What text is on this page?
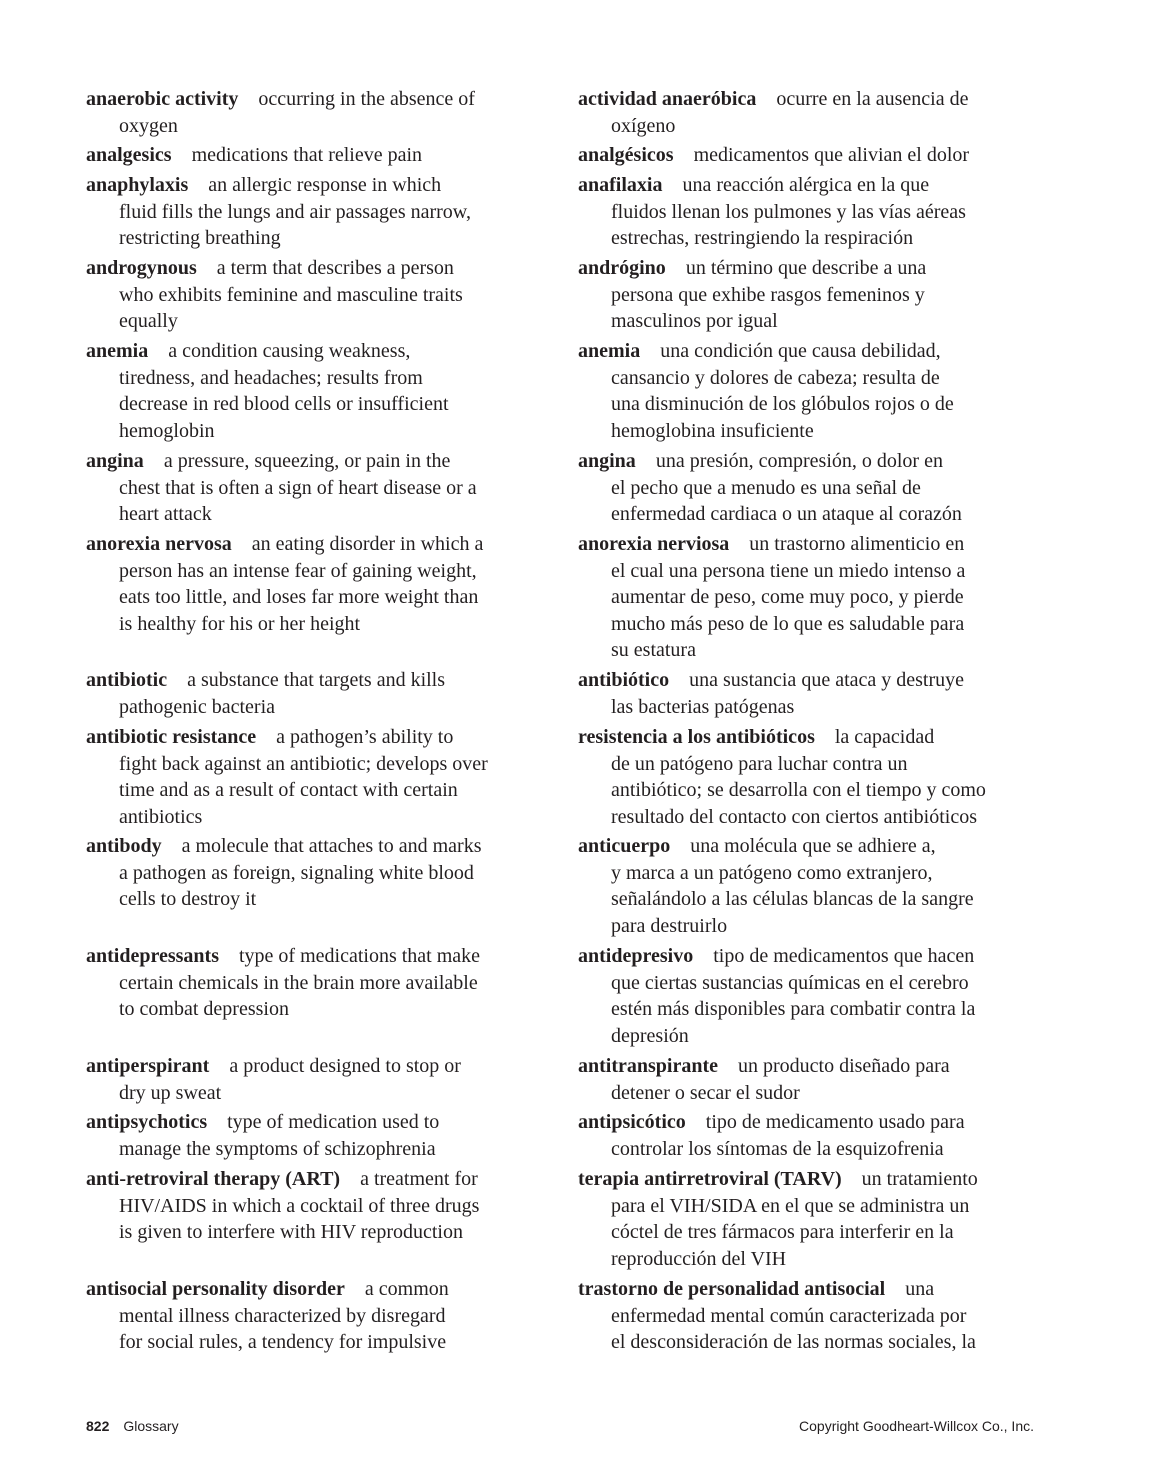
anaerobic activity occurring in the absence of
oxygen
analgesics medications that relieve pain
anaphylaxis an allergic response in which
fluid fills the lungs and air passages narrow,
restricting breathing
androgynous a term that describes a person
who exhibits feminine and masculine traits
equally
anemia a condition causing weakness,
tiredness, and headaches; results from
decrease in red blood cells or insufficient
hemoglobin
angina a pressure, squeezing, or pain in the
chest that is often a sign of heart disease or a
heart attack
anorexia nervosa an eating disorder in which a
person has an intense fear of gaining weight,
eats too little, and loses far more weight than
is healthy for his or her height
antibiotic a substance that targets and kills
pathogenic bacteria
antibiotic resistance a pathogen’s ability to
fight back against an antibiotic; develops over
time and as a result of contact with certain
antibiotics
antibody a molecule that attaches to and marks
a pathogen as foreign, signaling white blood
cells to destroy it
antidepressants type of medications that make
certain chemicals in the brain more available
to combat depression
antiperspirant a product designed to stop or
dry up sweat
antipsychotics type of medication used to
manage the symptoms of schizophrenia
anti-retroviral therapy (ART) a treatment for
HIV/AIDS in which a cocktail of three drugs
is given to interfere with HIV reproduction
antisocial personality disorder a common
mental illness characterized by disregard
for social rules, a tendency for impulsive
actividad anaeróbica ocurre en la ausencia de
oxígeno
analgésicos medicamentos que alivian el dolor
anafilaxia una reacción alérgica en la que
fluidos llenan los pulmones y las vías aéreas
estrechas, restringiendo la respiración
andrógino un término que describe a una
persona que exhibe rasgos femeninos y
masculinos por igual
anemia una condición que causa debilidad,
cansancio y dolores de cabeza; resulta de
una disminución de los glóbulos rojos o de
hemoglobina insuficiente
angina una presión, compresión, o dolor en
el pecho que a menudo es una señal de
enfermedad cardiaca o un ataque al corazón
anorexia nerviosa un trastorno alimenticio en
el cual una persona tiene un miedo intenso a
aumentar de peso, come muy poco, y pierde
mucho más peso de lo que es saludable para
su estatura
antibiótico una sustancia que ataca y destruye
las bacterias patógenas
resistencia a los antibióticos la capacidad
de un patógeno para luchar contra un
antibiótico; se desarrolla con el tiempo y como
resultado del contacto con ciertos antibióticos
anticuerpo una molécula que se adhiere a,
y marca a un patógeno como extranjero,
señalándolo a las células blancas de la sangre
para destruirlo
antidepresivo tipo de medicamentos que hacen
que ciertas sustancias químicas en el cerebro
estén más disponibles para combatir contra la
depresión
antitranspirante un producto diseñado para
detener o secar el sudor
antipsicótico tipo de medicamento usado para
controlar los síntomas de la esquizofrenia
terapia antirretroviral (TARV) un tratamiento
para el VIH/SIDA en el que se administra un
cóctel de tres fármacos para interferir en la
reproducción del VIH
trastorno de personalidad antisocial una
enfermedad mental común caracterizada por
el desconsideración de las normas sociales, la
822 Glossary	Copyright Goodheart-Willcox Co., Inc.
